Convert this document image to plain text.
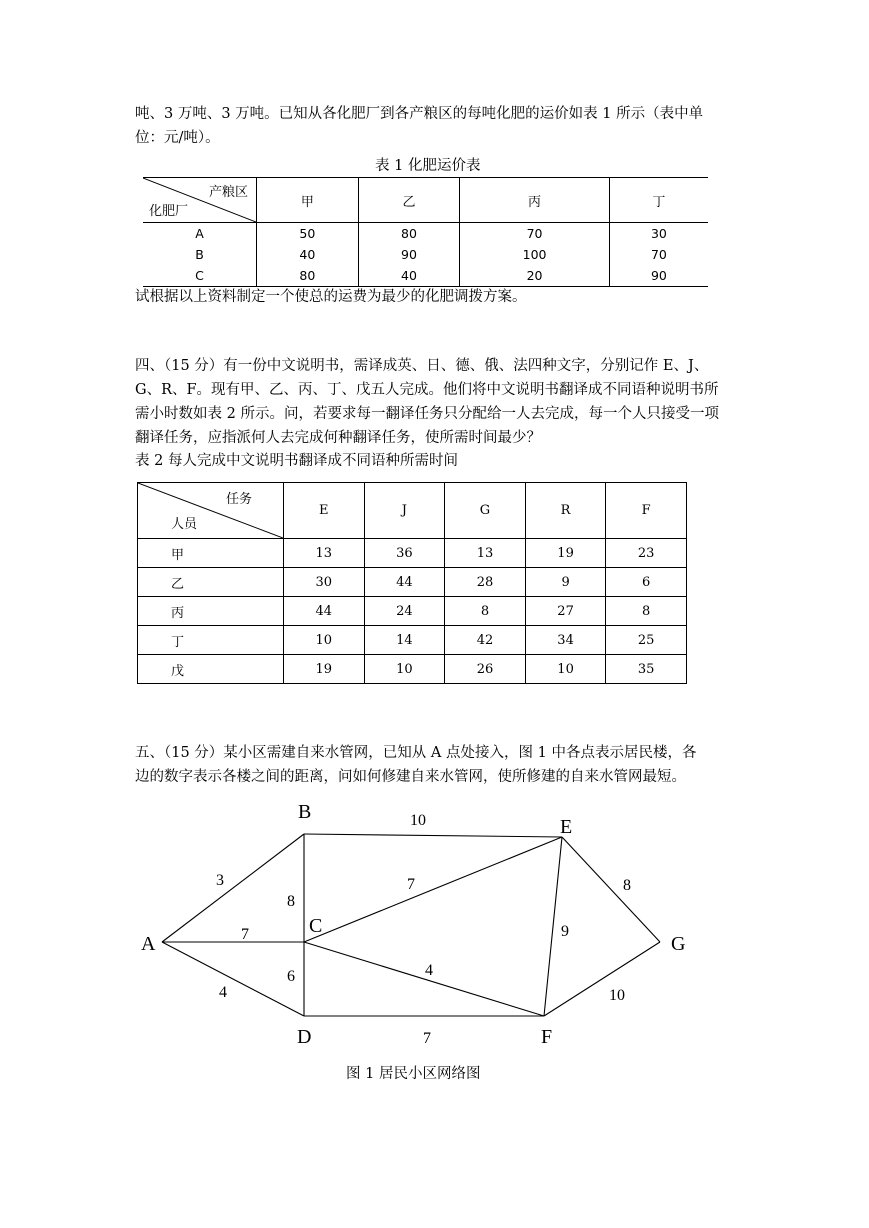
吨、3 万吨、3 万吨。已知从各化肥厂到各产粮区的每吨化肥的运价如表 1 所示（表中单

位：元/吨）。

表 1 化肥运价表

产粮区
化肥厂	甲	乙	丙	丁
A	50	80	70	30
B	40	90	100	70
C	80	40	20	90

试根据以上资料制定一个使总的运费为最少的化肥调拨方案。

四、（15 分）有一份中文说明书，需译成英、日、德、俄、法四种文字，分别记作 E、J、

G、R、F。现有甲、乙、丙、丁、戊五人完成。他们将中文说明书翻译成不同语种说明书所

需小时数如表 2 所示。问，若要求每一翻译任务只分配给一人去完成，每一个人只接受一项

翻译任务，应指派何人去完成何种翻译任务，使所需时间最少？

表 2 每人完成中文说明书翻译成不同语种所需时间

任务
人员	E	J	G	R	F
甲	13	36	13	19	23
乙	30	44	28	9	6
丙	44	24	8	27	8
丁	10	14	42	34	25
戊	19	10	26	10	35

五、（15 分）某小区需建自来水管网，已知从 A 点处接入，图 1 中各点表示居民楼，各

边的数字表示各楼之间的距离，问如何修建自来水管网，使所修建的自来水管网最短。

3
7
4
8
10
6
7
4
7
9
8
10
A
B
C
D
E
F
G

图 1 居民小区网络图
